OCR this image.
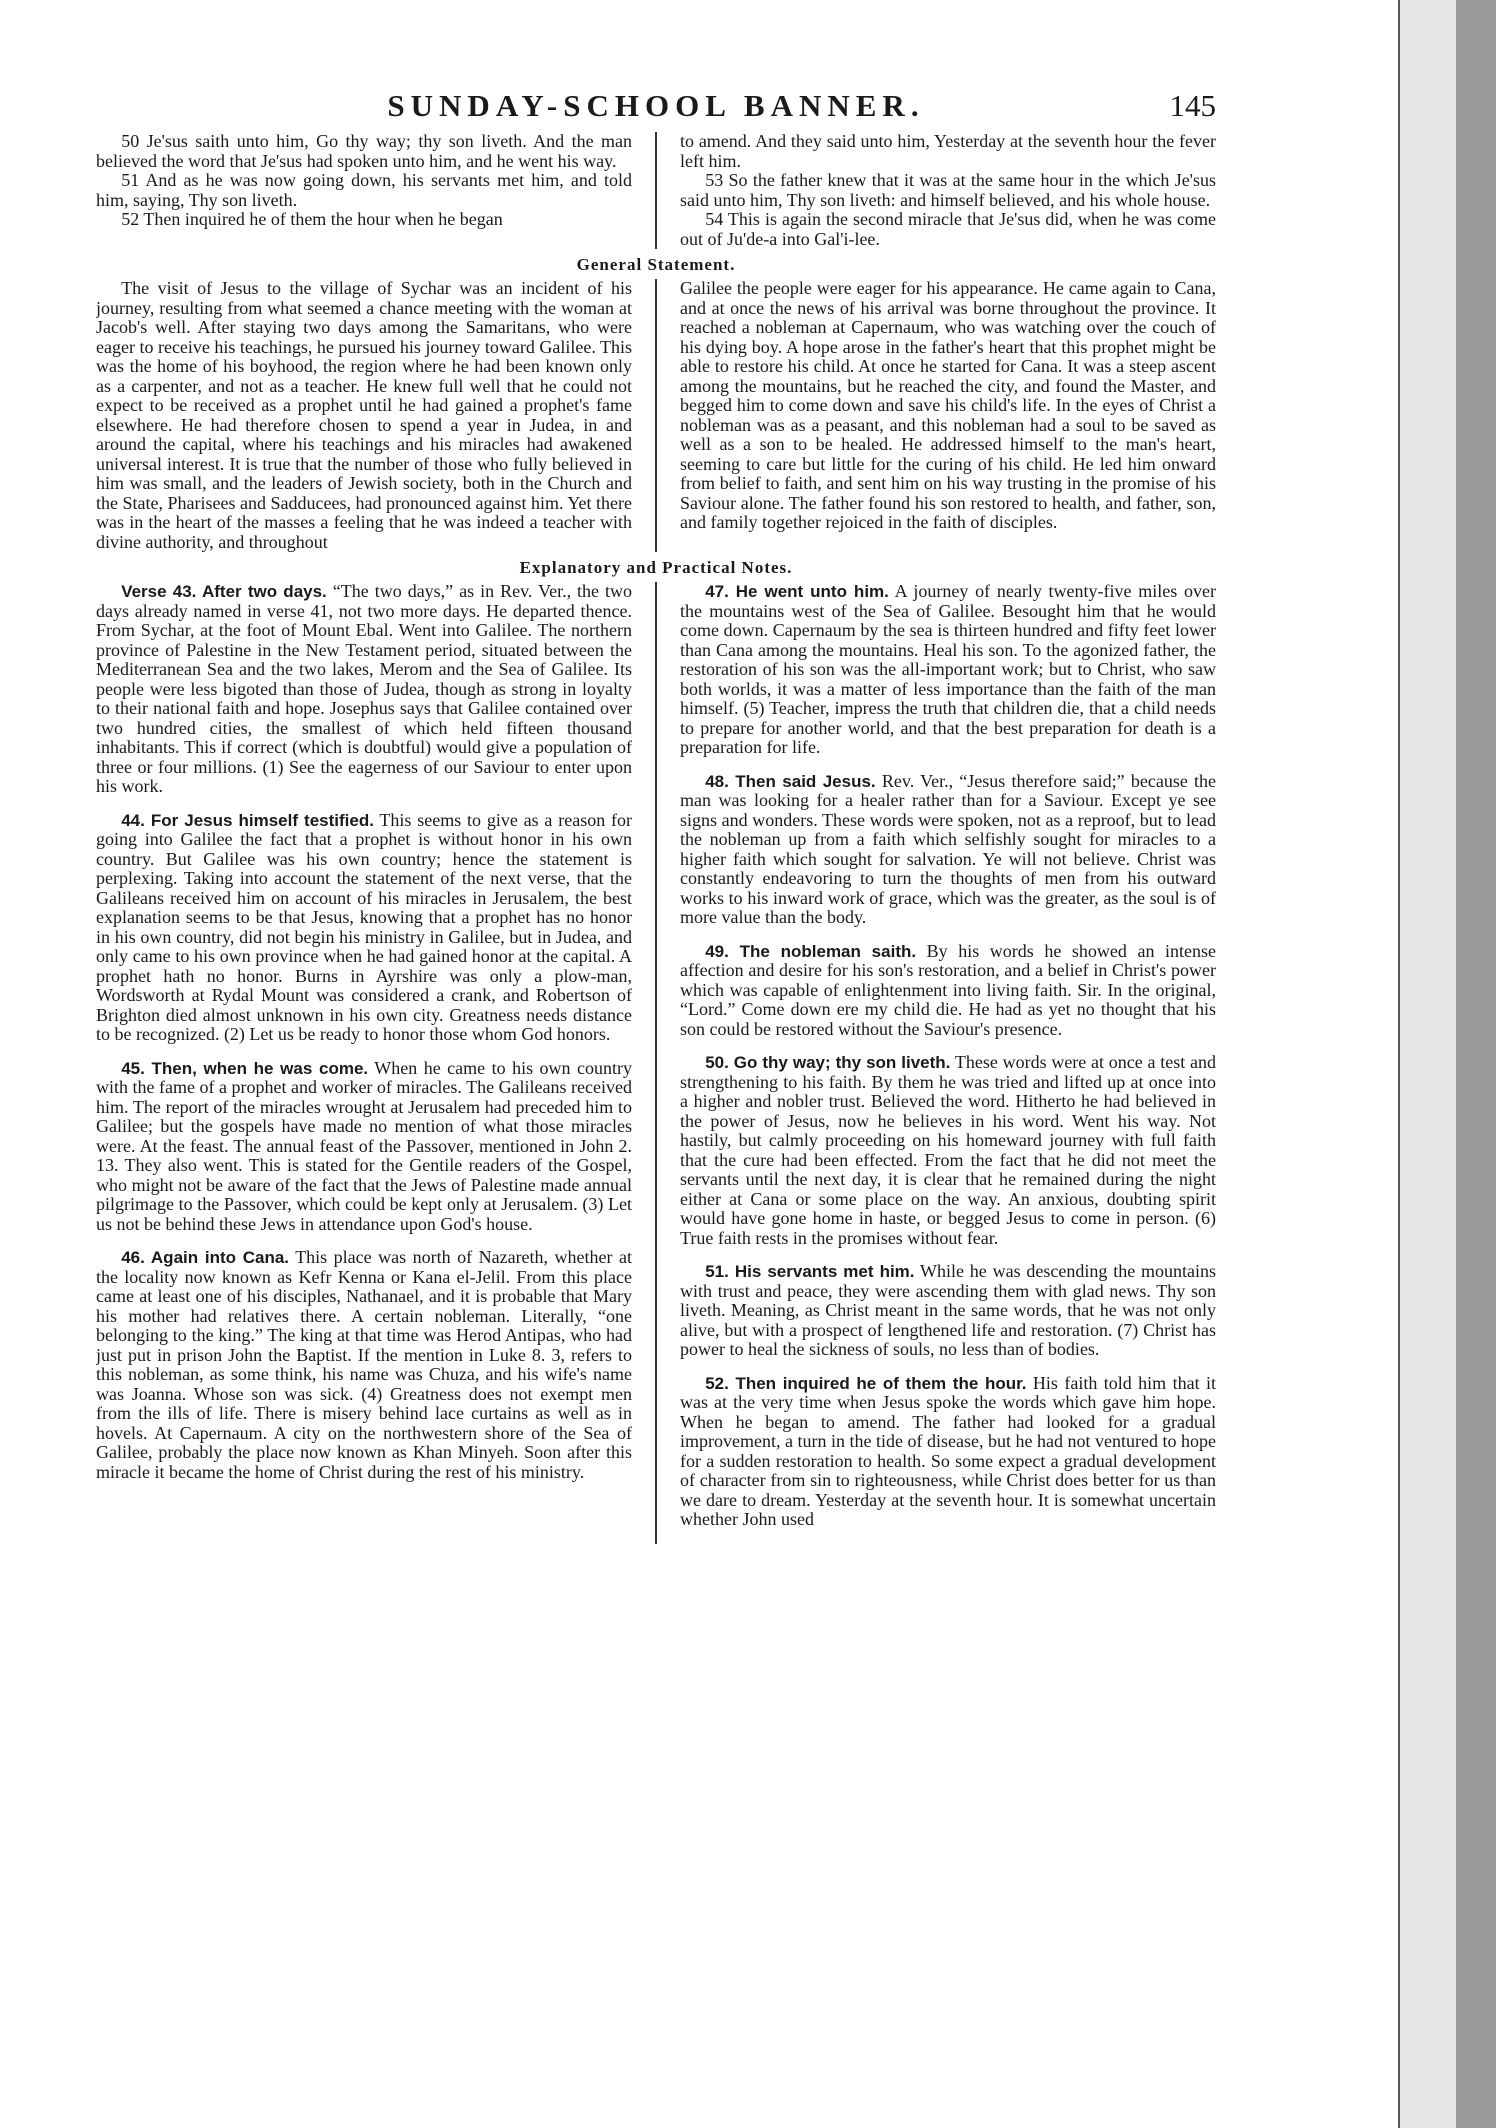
SUNDAY-SCHOOL BANNER.	145

50 Je'sus saith unto him, Go thy way; thy son liveth. And the man believed the word that Je'sus had spoken unto him, and he went his way.

51 And as he was now going down, his servants met him, and told him, saying, Thy son liveth.

52 Then inquired he of them the hour when he began

to amend. And they said unto him, Yesterday at the seventh hour the fever left him.

53 So the father knew that it was at the same hour in the which Je'sus said unto him, Thy son liveth: and himself believed, and his whole house.

54 This is again the second miracle that Je'sus did, when he was come out of Ju'de-a into Gal'i-lee.

General Statement.

The visit of Jesus to the village of Sychar was an incident of his journey, resulting from what seemed a chance meeting with the woman at Jacob's well. After staying two days among the Samaritans, who were eager to receive his teachings, he pursued his journey toward Galilee. This was the home of his boyhood, the region where he had been known only as a carpenter, and not as a teacher. He knew full well that he could not expect to be received as a prophet until he had gained a prophet's fame elsewhere. He had therefore chosen to spend a year in Judea, in and around the capital, where his teachings and his miracles had awakened universal interest. It is true that the number of those who fully believed in him was small, and the leaders of Jewish society, both in the Church and the State, Pharisees and Sadducees, had pronounced against him. Yet there was in the heart of the masses a feeling that he was indeed a teacher with divine authority, and throughout

Galilee the people were eager for his appearance. He came again to Cana, and at once the news of his arrival was borne throughout the province. It reached a nobleman at Capernaum, who was watching over the couch of his dying boy. A hope arose in the father's heart that this prophet might be able to restore his child. At once he started for Cana. It was a steep ascent among the mountains, but he reached the city, and found the Master, and begged him to come down and save his child's life. In the eyes of Christ a nobleman was as a peasant, and this nobleman had a soul to be saved as well as a son to be healed. He addressed himself to the man's heart, seeming to care but little for the curing of his child. He led him onward from belief to faith, and sent him on his way trusting in the promise of his Saviour alone. The father found his son restored to health, and father, son, and family together rejoiced in the faith of disciples.

Explanatory and Practical Notes.

Verse 43. After two days. “The two days,” as in Rev. Ver., the two days already named in verse 41, not two more days. He departed thence. From Sychar, at the foot of Mount Ebal. Went into Galilee. The northern province of Palestine in the New Testament period, situated between the Mediterranean Sea and the two lakes, Merom and the Sea of Galilee. Its people were less bigoted than those of Judea, though as strong in loyalty to their national faith and hope. Josephus says that Galilee contained over two hundred cities, the smallest of which held fifteen thousand inhabitants. This if correct (which is doubtful) would give a population of three or four millions. (1) See the eagerness of our Saviour to enter upon his work.

44. For Jesus himself testified. This seems to give as a reason for going into Galilee the fact that a prophet is without honor in his own country. But Galilee was his own country; hence the statement is perplexing. Taking into account the statement of the next verse, that the Galileans received him on account of his miracles in Jerusalem, the best explanation seems to be that Jesus, knowing that a prophet has no honor in his own country, did not begin his ministry in Galilee, but in Judea, and only came to his own province when he had gained honor at the capital. A prophet hath no honor. Burns in Ayrshire was only a plow-man, Wordsworth at Rydal Mount was considered a crank, and Robertson of Brighton died almost unknown in his own city. Greatness needs distance to be recognized. (2) Let us be ready to honor those whom God honors.

45. Then, when he was come. When he came to his own country with the fame of a prophet and worker of miracles. The Galileans received him. The report of the miracles wrought at Jerusalem had preceded him to Galilee; but the gospels have made no mention of what those miracles were. At the feast. The annual feast of the Passover, mentioned in John 2. 13. They also went. This is stated for the Gentile readers of the Gospel, who might not be aware of the fact that the Jews of Palestine made annual pilgrimage to the Passover, which could be kept only at Jerusalem. (3) Let us not be behind these Jews in attendance upon God's house.

46. Again into Cana. This place was north of Nazareth, whether at the locality now known as Kefr Kenna or Kana el-Jelil. From this place came at least one of his disciples, Nathanael, and it is probable that Mary his mother had relatives there. A certain nobleman. Literally, “one belonging to the king.” The king at that time was Herod Antipas, who had just put in prison John the Baptist. If the mention in Luke 8. 3, refers to this nobleman, as some think, his name was Chuza, and his wife's name was Joanna. Whose son was sick. (4) Greatness does not exempt men from the ills of life. There is misery behind lace curtains as well as in hovels. At Capernaum. A city on the northwestern shore of the Sea of Galilee, probably the place now known as Khan Minyeh. Soon after this miracle it became the home of Christ during the rest of his ministry.

47. He went unto him. A journey of nearly twenty-five miles over the mountains west of the Sea of Galilee. Besought him that he would come down. Capernaum by the sea is thirteen hundred and fifty feet lower than Cana among the mountains. Heal his son. To the agonized father, the restoration of his son was the all-important work; but to Christ, who saw both worlds, it was a matter of less importance than the faith of the man himself. (5) Teacher, impress the truth that children die, that a child needs to prepare for another world, and that the best preparation for death is a preparation for life.

48. Then said Jesus. Rev. Ver., “Jesus therefore said;” because the man was looking for a healer rather than for a Saviour. Except ye see signs and wonders. These words were spoken, not as a reproof, but to lead the nobleman up from a faith which selfishly sought for miracles to a higher faith which sought for salvation. Ye will not believe. Christ was constantly endeavoring to turn the thoughts of men from his outward works to his inward work of grace, which was the greater, as the soul is of more value than the body.

49. The nobleman saith. By his words he showed an intense affection and desire for his son's restoration, and a belief in Christ's power which was capable of enlightenment into living faith. Sir. In the original, “Lord.” Come down ere my child die. He had as yet no thought that his son could be restored without the Saviour's presence.

50. Go thy way; thy son liveth. These words were at once a test and strengthening to his faith. By them he was tried and lifted up at once into a higher and nobler trust. Believed the word. Hitherto he had believed in the power of Jesus, now he believes in his word. Went his way. Not hastily, but calmly proceeding on his homeward journey with full faith that the cure had been effected. From the fact that he did not meet the servants until the next day, it is clear that he remained during the night either at Cana or some place on the way. An anxious, doubting spirit would have gone home in haste, or begged Jesus to come in person. (6) True faith rests in the promises without fear.

51. His servants met him. While he was descending the mountains with trust and peace, they were ascending them with glad news. Thy son liveth. Meaning, as Christ meant in the same words, that he was not only alive, but with a prospect of lengthened life and restoration. (7) Christ has power to heal the sickness of souls, no less than of bodies.

52. Then inquired he of them the hour. His faith told him that it was at the very time when Jesus spoke the words which gave him hope. When he began to amend. The father had looked for a gradual improvement, a turn in the tide of disease, but he had not ventured to hope for a sudden restoration to health. So some expect a gradual development of character from sin to righteousness, while Christ does better for us than we dare to dream. Yesterday at the seventh hour. It is somewhat uncertain whether John used
